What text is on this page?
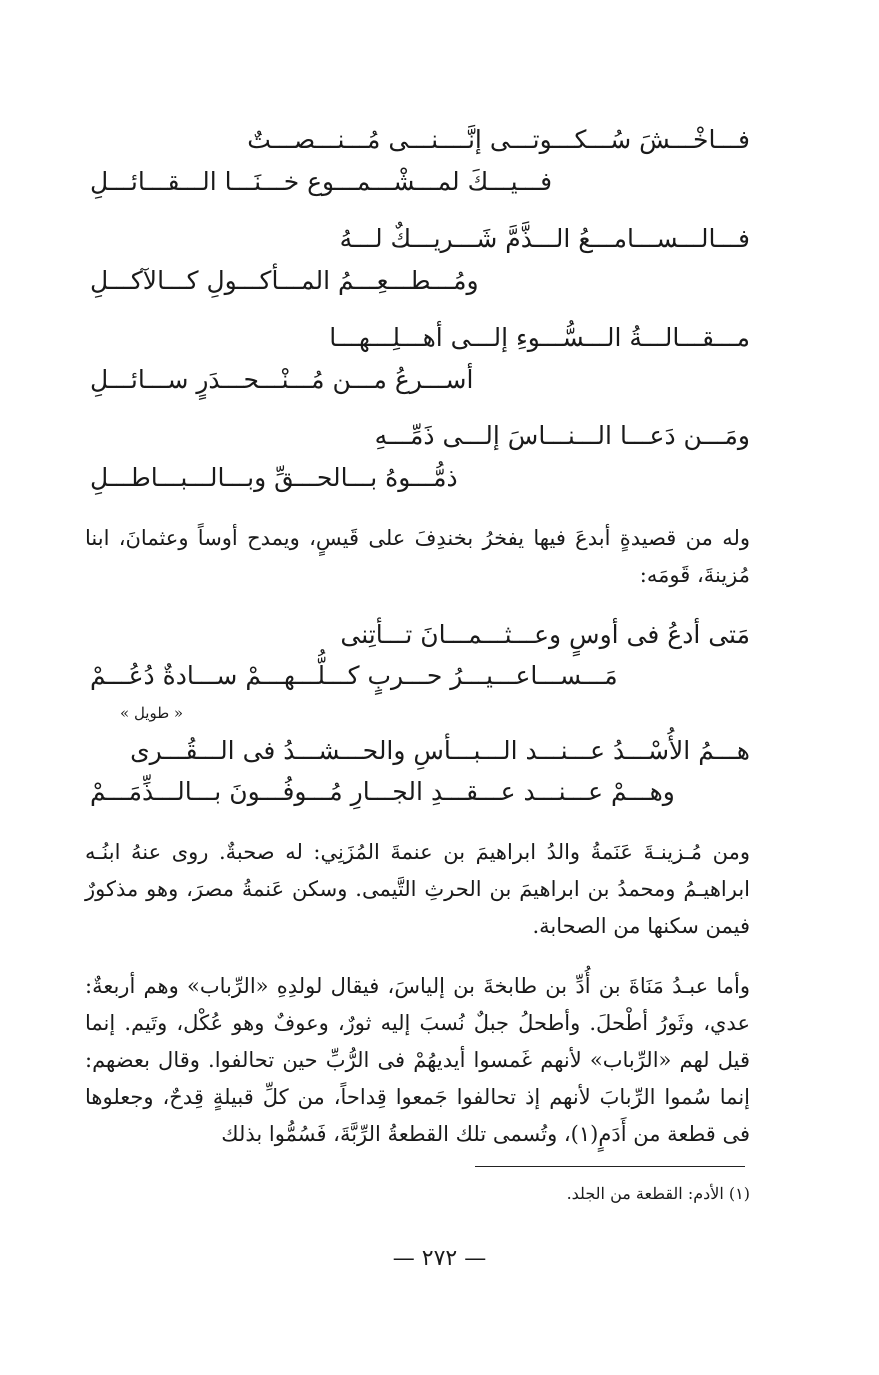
فـــاخْـــشَ سُـــكـــوتـــى إنَّــــنـــى مُـــنـــصـــتٌ
فـــيـــكَ لمـــشْـــمـــوع خـــنَـــا الـــقـــائـــلِ
فـــالـــســـامـــعُ الـــذَّمَّ شَـــريـــكٌ لـــهُ
ومُـــطـــعِـــمُ المـــأكـــولِ كـــالآكـــلِ
مـــقـــالـــةُ الـــسُّـــوءِ إلـــى أهـــلِـــهـــا
أســـرعُ مـــن مُـــنْـــحـــدَرٍ ســـائـــلِ
ومَـــن دَعـــا الـــنـــاسَ إلـــى ذَمِّـــهِ
ذمُّـــوهُ بـــالحـــقِّ وبـــالـــبـــاطـــلِ
وله من قصيدةٍ أبدعَ فيها يفخرُ بخندِفَ على قَيسٍ، ويمدح أوساً وعثمانَ، ابنا مُزينةَ، قَومَه:
مَتى أدعُ فى أوسٍ وعـــثـــمـــانَ تـــأتِنى
مَـــســـاعـــيـــرُ حـــربٍ كـــلُّـــهـــمْ ســـادةٌ دُعُـــمْ
« طويل »
هـــمُ الأُسْـــدُ عـــنـــد الـــبـــأسِ والحـــشـــدُ فى الـــقُـــرى
وهـــمْ عـــنـــد عـــقـــدِ الجـــارِ مُـــوفُـــونَ بـــالـــذِّمَـــمْ
ومن مُـزينـةَ عَنَمةُ والدُ ابراهيمَ بن عنمةَ المُزَنِي: له صحبةٌ. روى عنهُ ابنُـه ابراهيـمُ ومحمدُ بن ابراهيمَ بن الحرثِ التَّيمى. وسكن عَنمةُ مصرَ، وهو مذكورٌ فيمن سكنها من الصحابة.
وأما عبـدُ مَنَاةَ بن أُدِّ بن طابخةَ بن إلياسَ، فيقال لولدِهِ «الرِّباب» وهم أربعةٌ: عدي، وثَورُ أطْحلَ. وأطحلُ جبلٌ نُسبَ إليه ثورٌ، وعوفٌ وهو عُكْل، وتَيم. إنما قيل لهم «الرِّباب» لأنهم غَمسوا أيديهُمْ فى الرُّبِّ حين تحالفوا. وقال بعضهم: إنما سُموا الرِّبابَ لأنهم إذ تحالفوا جَمعوا قِداحاً، من كلِّ قبيلةٍ قِدحٌ، وجعلوها فى قطعة من أَدَمٍ(١)، وتُسمى تلك القطعةُ الرِّبَّةَ، فَسُمُّوا بذلك
(١) الأدم: القطعة من الجلد.
— ٢٧٢ —
